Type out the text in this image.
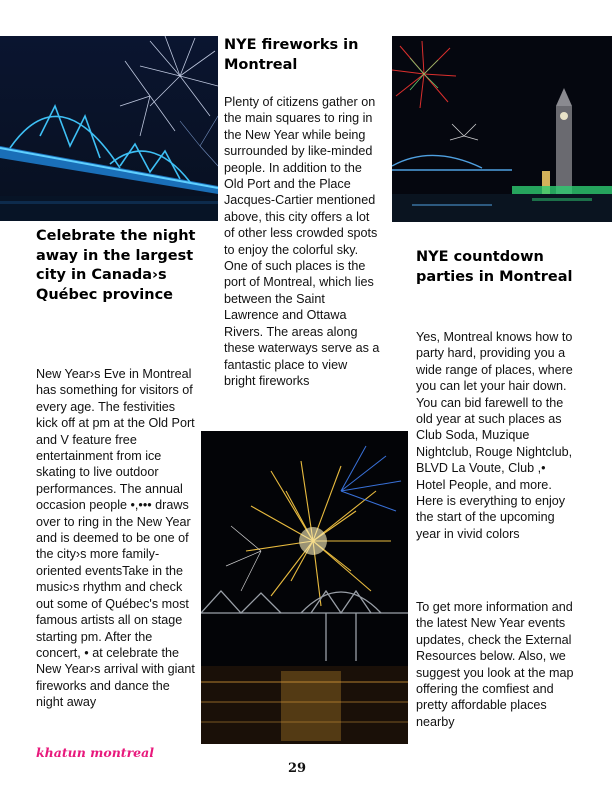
Celebrate the night away in the largest city in Canada›s Québec province
New Year›s Eve in Montreal has something for visitors of every age. The festivities kick off at pm at the Old Port and V feature free entertainment from ice skating to live outdoor performances. The annual occasion people •,••• draws over to ring in the New Year and is deemed to be one of the city›s more family-oriented eventsTake in the music›s rhythm and check out some of Québec's most famous artists all on stage starting pm. After the concert, • at celebrate the New Year›s arrival with giant fireworks and dance the night away
NYE fireworks in Montreal
Plenty of citizens gather on the main squares to ring in the New Year while being surrounded by like-minded people. In addition to the Old Port and the Place Jacques-Cartier mentioned above, this city offers a lot of other less crowded spots to enjoy the colorful sky. One of such places is the port of Montreal, which lies between the Saint Lawrence and Ottawa Rivers. The areas along these waterways serve as a fantastic place to view bright fireworks
NYE countdown parties in Montreal
Yes, Montreal knows how to party hard, providing you a wide range of places, where you can let your hair down. You can bid farewell to the old year at such places as Club Soda, Muzique Nightclub, Rouge Nightclub, BLVD La Voute, Club ,• Hotel People, and more. Here is everything to enjoy the start of the upcoming year in vivid colors
To get more information and the latest New Year events updates, check the External Resources below. Also, we suggest you look at the map offering the comfiest and pretty affordable places nearby
khatun montreal
29
